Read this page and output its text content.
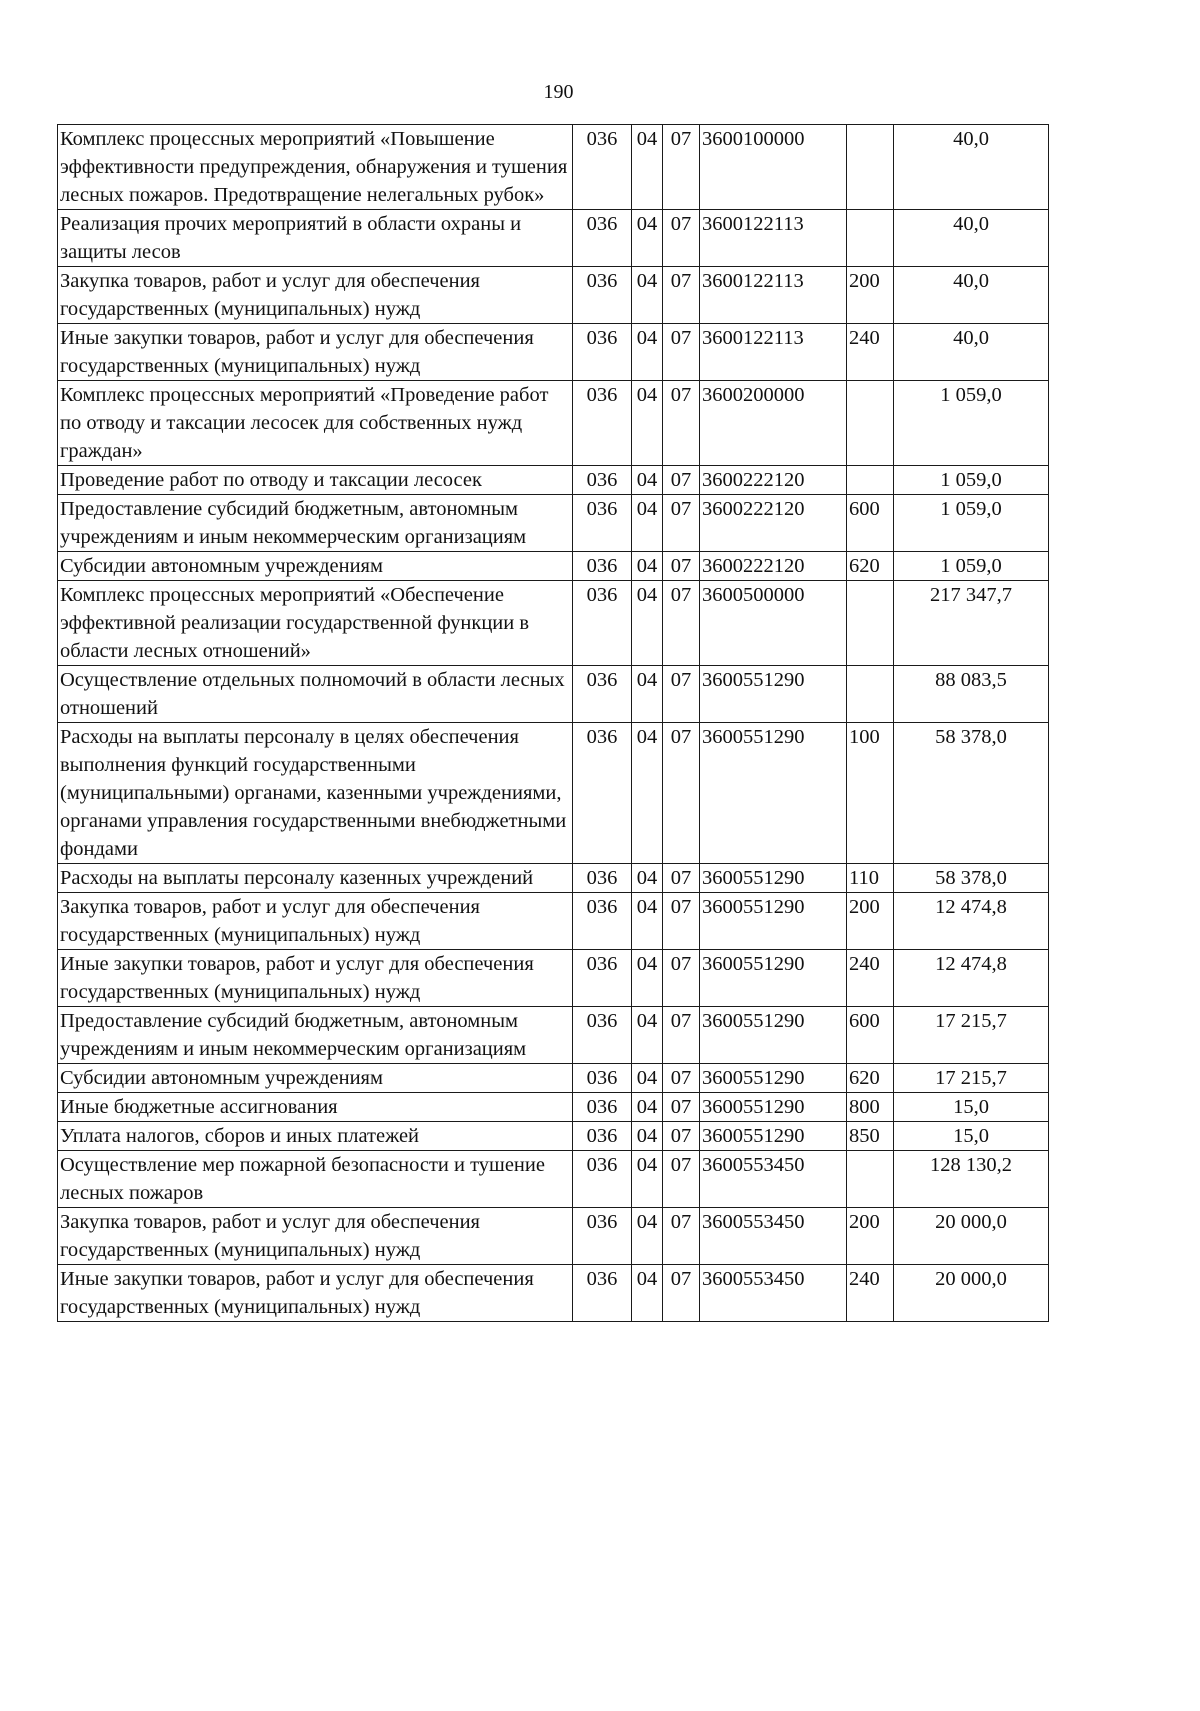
190
Комплекс процессных мероприятий «Повышение эффективности предупреждения, обнаружения и тушения лесных пожаров. Предотвращение нелегальных рубок»	036	04	07	3600100000		40,0
Реализация прочих мероприятий в области охраны и защиты лесов	036	04	07	3600122113		40,0
Закупка товаров, работ и услуг для обеспечения государственных (муниципальных) нужд	036	04	07	3600122113	200	40,0
Иные закупки товаров, работ и услуг для обеспечения государственных (муниципальных) нужд	036	04	07	3600122113	240	40,0
Комплекс процессных мероприятий «Проведение работ по отводу и таксации лесосек для собственных нужд граждан»	036	04	07	3600200000		1 059,0
Проведение работ по отводу и таксации лесосек	036	04	07	3600222120		1 059,0
Предоставление субсидий бюджетным, автономным учреждениям и иным некоммерческим организациям	036	04	07	3600222120	600	1 059,0
Субсидии автономным учреждениям	036	04	07	3600222120	620	1 059,0
Комплекс процессных мероприятий «Обеспечение эффективной реализации государственной функции в области лесных отношений»	036	04	07	3600500000		217 347,7
Осуществление отдельных полномочий в области лесных отношений	036	04	07	3600551290		88 083,5
Расходы на выплаты персоналу в целях обеспечения выполнения функций государственными (муниципальными) органами, казенными учреждениями, органами управления государственными внебюджетными фондами	036	04	07	3600551290	100	58 378,0
Расходы на выплаты персоналу казенных учреждений	036	04	07	3600551290	110	58 378,0
Закупка товаров, работ и услуг для обеспечения государственных (муниципальных) нужд	036	04	07	3600551290	200	12 474,8
Иные закупки товаров, работ и услуг для обеспечения государственных (муниципальных) нужд	036	04	07	3600551290	240	12 474,8
Предоставление субсидий бюджетным, автономным учреждениям и иным некоммерческим организациям	036	04	07	3600551290	600	17 215,7
Субсидии автономным учреждениям	036	04	07	3600551290	620	17 215,7
Иные бюджетные ассигнования	036	04	07	3600551290	800	15,0
Уплата налогов, сборов и иных платежей	036	04	07	3600551290	850	15,0
Осуществление мер пожарной безопасности и тушение лесных пожаров	036	04	07	3600553450		128 130,2
Закупка товаров, работ и услуг для обеспечения государственных (муниципальных) нужд	036	04	07	3600553450	200	20 000,0
Иные закупки товаров, работ и услуг для обеспечения государственных (муниципальных) нужд	036	04	07	3600553450	240	20 000,0
